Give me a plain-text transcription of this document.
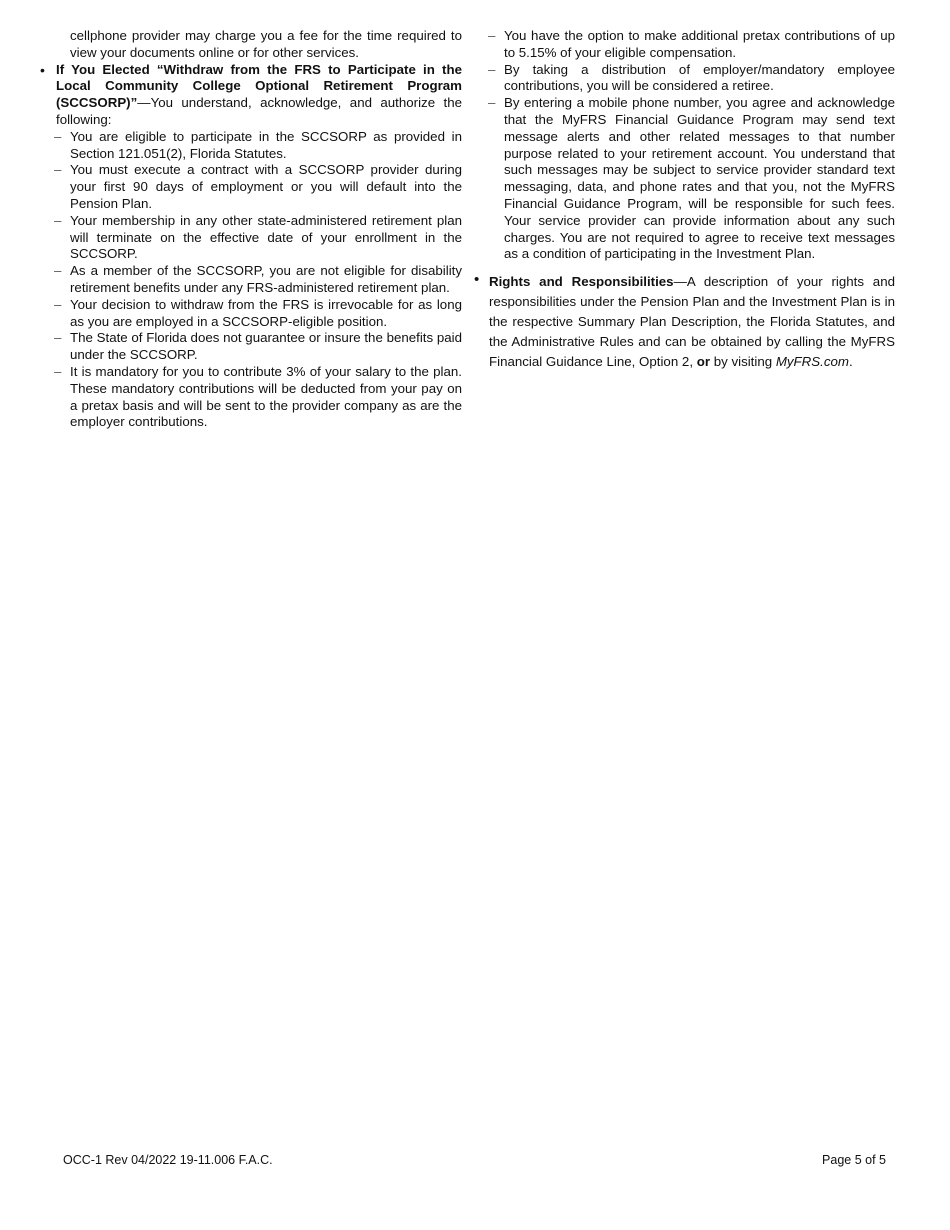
cellphone provider may charge you a fee for the time required to view your documents online or for other services.

• If You Elected “Withdraw from the FRS to Participate in the Local Community College Optional Retirement Program (SCCSORP)”—You understand, acknowledge, and authorize the following:
– You are eligible to participate in the SCCSORP as provided in Section 121.051(2), Florida Statutes.
– You must execute a contract with a SCCSORP provider during your first 90 days of employment or you will default into the Pension Plan.
– Your membership in any other state-administered retirement plan will terminate on the effective date of your enrollment in the SCCSORP.
– As a member of the SCCSORP, you are not eligible for disability retirement benefits under any FRS-administered retirement plan.
– Your decision to withdraw from the FRS is irrevocable for as long as you are employed in a SCCSORP-eligible position.
– The State of Florida does not guarantee or insure the benefits paid under the SCCSORP.
– It is mandatory for you to contribute 3% of your salary to the plan. These mandatory contributions will be deducted from your pay on a pretax basis and will be sent to the provider company as are the employer contributions.
– You have the option to make additional pretax contributions of up to 5.15% of your eligible compensation.
– By taking a distribution of employer/mandatory employee contributions, you will be considered a retiree.
– By entering a mobile phone number, you agree and acknowledge that the MyFRS Financial Guidance Program may send text message alerts and other related messages to that number purpose related to your retirement account. You understand that such messages may be subject to service provider standard text messaging, data, and phone rates and that you, not the MyFRS Financial Guidance Program, will be responsible for such fees. Your service provider can provide information about any such charges. You are not required to agree to receive text messages as a condition of participating in the Investment Plan.
• Rights and Responsibilities—A description of your rights and responsibilities under the Pension Plan and the Investment Plan is in the respective Summary Plan Description, the Florida Statutes, and the Administrative Rules and can be obtained by calling the MyFRS Financial Guidance Line, Option 2, or by visiting MyFRS.com.
OCC-1 Rev 04/2022 19-11.006 F.A.C.	Page 5 of 5
